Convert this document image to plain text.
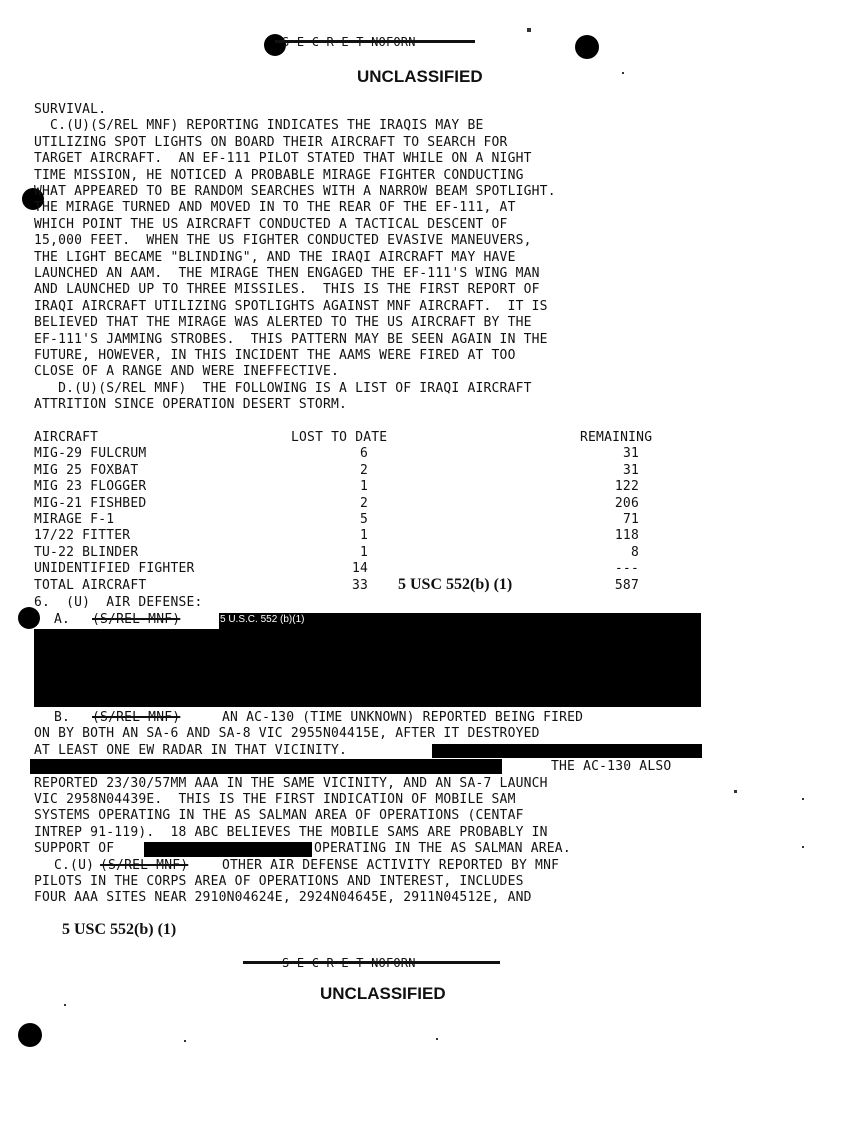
UNCLASSIFIED
SURVIVAL.
C.(U)(S/REL MNF) REPORTING INDICATES THE IRAQIS MAY BE
UTILIZING SPOT LIGHTS ON BOARD THEIR AIRCRAFT TO SEARCH FOR
TARGET AIRCRAFT.  AN EF-111 PILOT STATED THAT WHILE ON A NIGHT
TIME MISSION, HE NOTICED A PROBABLE MIRAGE FIGHTER CONDUCTING
WHAT APPEARED TO BE RANDOM SEARCHES WITH A NARROW BEAM SPOTLIGHT.
THE MIRAGE TURNED AND MOVED IN TO THE REAR OF THE EF-111, AT
WHICH POINT THE US AIRCRAFT CONDUCTED A TACTICAL DESCENT OF
15,000 FEET.  WHEN THE US FIGHTER CONDUCTED EVASIVE MANEUVERS,
THE LIGHT BECAME "BLINDING", AND THE IRAQI AIRCRAFT MAY HAVE
LAUNCHED AN AAM.  THE MIRAGE THEN ENGAGED THE EF-111'S WING MAN
AND LAUNCHED UP TO THREE MISSILES.  THIS IS THE FIRST REPORT OF
IRAQI AIRCRAFT UTILIZING SPOTLIGHTS AGAINST MNF AIRCRAFT.  IT IS
BELIEVED THAT THE MIRAGE WAS ALERTED TO THE US AIRCRAFT BY THE
EF-111'S JAMMING STROBES.  THIS PATTERN MAY BE SEEN AGAIN IN THE
FUTURE, HOWEVER, IN THIS INCIDENT THE AAMS WERE FIRED AT TOO
CLOSE OF A RANGE AND WERE INEFFECTIVE.
D.(U)(S/REL MNF)  THE FOLLOWING IS A LIST OF IRAQI AIRCRAFT
ATTRITION SINCE OPERATION DESERT STORM.
AIRCRAFT	LOST TO DATE	REMAINING
MIG-29 FULCRUM	6	31
MIG 25 FOXBAT	2	31
MIG 23 FLOGGER	1	122
MIG-21 FISHBED	2	206
MIRAGE F-1	5	71
17/22 FITTER	1	118
TU-22 BLINDER	1	8
UNIDENTIFIED FIGHTER	14	---
TOTAL AIRCRAFT	33	587
5 USC 552(b) (1)
6.  (U)  AIR DEFENSE:
A. (S/REL MNF)	5 U.S.C. 552 (b)(1)
B. (S/REL MNF)	AN AC-130 (TIME UNKNOWN) REPORTED BEING FIRED
ON BY BOTH AN SA-6 AND SA-8 VIC 2955N04415E, AFTER IT DESTROYED
AT LEAST ONE EW RADAR IN THAT VICINITY.
THE AC-130 ALSO
REPORTED 23/30/57MM AAA IN THE SAME VICINITY, AND AN SA-7 LAUNCH
VIC 2958N04439E.  THIS IS THE FIRST INDICATION OF MOBILE SAM
SYSTEMS OPERATING IN THE AS SALMAN AREA OF OPERATIONS (CENTAF
INTREP 91-119).  18 ABC BELIEVES THE MOBILE SAMS ARE PROBABLY IN
SUPPORT OF	OPERATING IN THE AS SALMAN AREA.
C.(U) (S/REL MNF)	OTHER AIR DEFENSE ACTIVITY REPORTED BY MNF
PILOTS IN THE CORPS AREA OF OPERATIONS AND INTEREST, INCLUDES
FOUR AAA SITES NEAR 2910N04624E, 2924N04645E, 2911N04512E, AND
5 USC 552(b) (1)
UNCLASSIFIED
